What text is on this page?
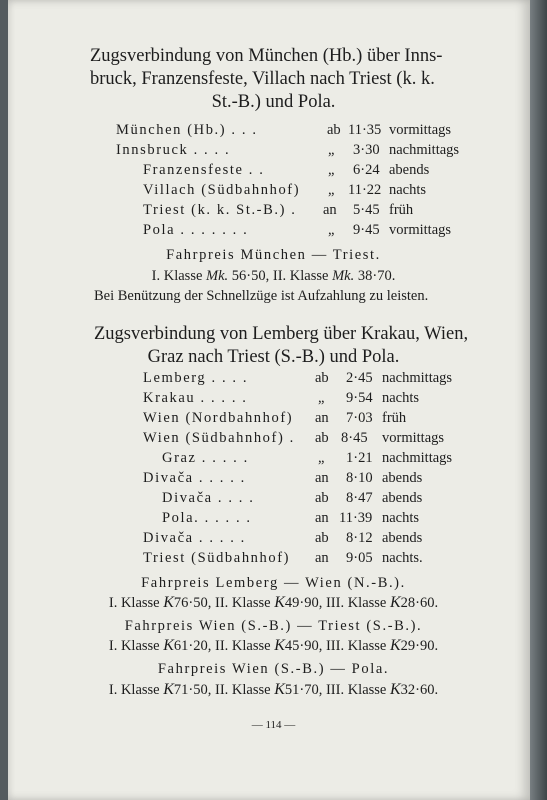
Zugsverbindung von München (Hb.) über Inns-
bruck, Franzensfeste, Villach nach Triest (k. k.
St.-B.) und Pola.
München (Hb.) . . .	ab 11·35 vormittags
Innsbruck . . . .	„ 3·30 nachmittags
Franzensfeste . .	„ 6·24 abends
Villach (Südbahnhof) „ 11·22 nachts
Triest (k. k. St.-B.) . an 5·45 früh
Pola . . . . . . .	„ 9·45 vormittags
Fahrpreis München — Triest.
I. Klasse Mk. 56·50, II. Klasse Mk. 38·70.
Bei Benützung der Schnellzüge ist Aufzahlung zu leisten.
Zugsverbindung von Lemberg über Krakau, Wien,
Graz nach Triest (S.-B.) und Pola.
Lemberg . . . .	ab 2·45 nachmittags
Krakau . . . . .	„ 9·54 nachts
Wien (Nordbahnhof) an 7·03 früh
Wien (Südbahnhof) . ab 8·45 vormittags
Graz . . . . .	„ 1·21 nachmittags
Divača . . . . .	an 8·10 abends
Divača . . . .	ab 8·47 abends
Pola. . . . . .	an 11·39 nachts
Divača . . . . .	ab 8·12 abends
Triest (Südbahnhof) an 9·05 nachts.
Fahrpreis Lemberg — Wien (N.-B.).
I. Klasse K76·50, II. Klasse K49·90, III. Klasse K28·60.
Fahrpreis Wien (S.-B.) — Triest (S.-B.).
I. Klasse K61·20, II. Klasse K45·90, III. Klasse K29·90.
Fahrpreis Wien (S.-B.) — Pola.
I. Klasse K71·50, II. Klasse K51·70, III. Klasse K32·60.
— 114 —
